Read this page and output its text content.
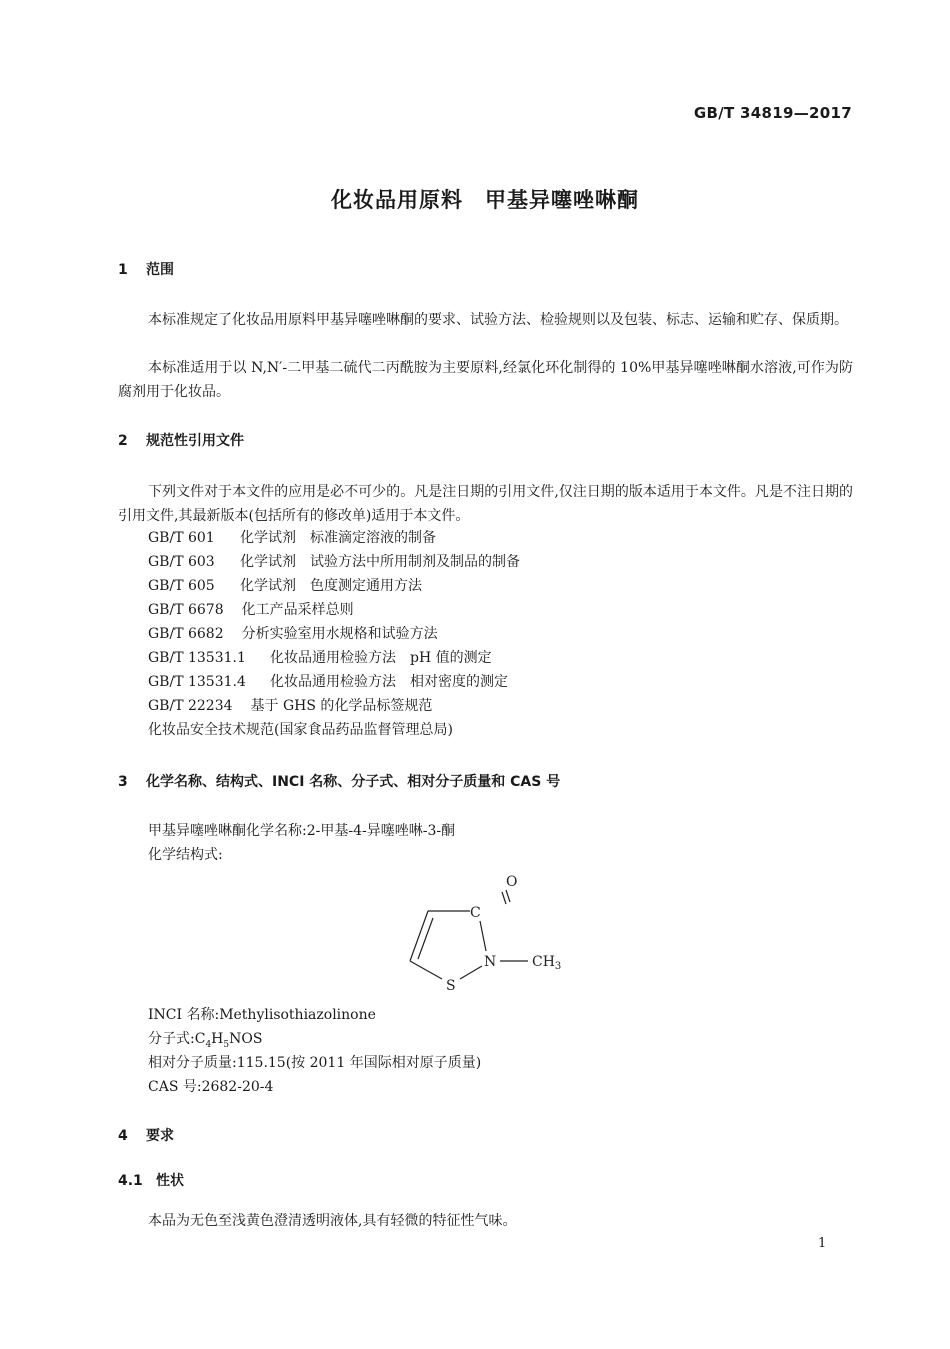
GB/T 34819—2017
化妆品用原料　甲基异噻唑啉酮
1 范围
本标准规定了化妆品用原料甲基异噻唑啉酮的要求、试验方法、检验规则以及包装、标志、运输和贮存、保质期。
本标准适用于以 N,N′-二甲基二硫代二丙酰胺为主要原料,经氯化环化制得的 10%甲基异噻唑啉酮水溶液,可作为防腐剂用于化妆品。
2 规范性引用文件
下列文件对于本文件的应用是必不可少的。凡是注日期的引用文件,仅注日期的版本适用于本文件。凡是不注日期的引用文件,其最新版本(包括所有的修改单)适用于本文件。
GB/T 601 化学试剂　标准滴定溶液的制备
GB/T 603 化学试剂　试验方法中所用制剂及制品的制备
GB/T 605 化学试剂　色度测定通用方法
GB/T 6678 化工产品采样总则
GB/T 6682 分析实验室用水规格和试验方法
GB/T 13531.1 化妆品通用检验方法　pH 值的测定
GB/T 13531.4 化妆品通用检验方法　相对密度的测定
GB/T 22234 基于 GHS 的化学品标签规范
化妆品安全技术规范(国家食品药品监督管理总局)
3 化学名称、结构式、INCI 名称、分子式、相对分子质量和 CAS 号
甲基异噻唑啉酮化学名称:2-甲基-4-异噻唑啉-3-酮
化学结构式:
O
C
N	$CH_3$
S
INCI 名称:Methylisothiazolinone
分子式$:C_4H_5NOS$
相对分子质量:115.15(按 2011 年国际相对原子质量)
CAS 号:2682-20-4
4 要求
4.1 性状
本品为无色至浅黄色澄清透明液体,具有轻微的特征性气味。
1
